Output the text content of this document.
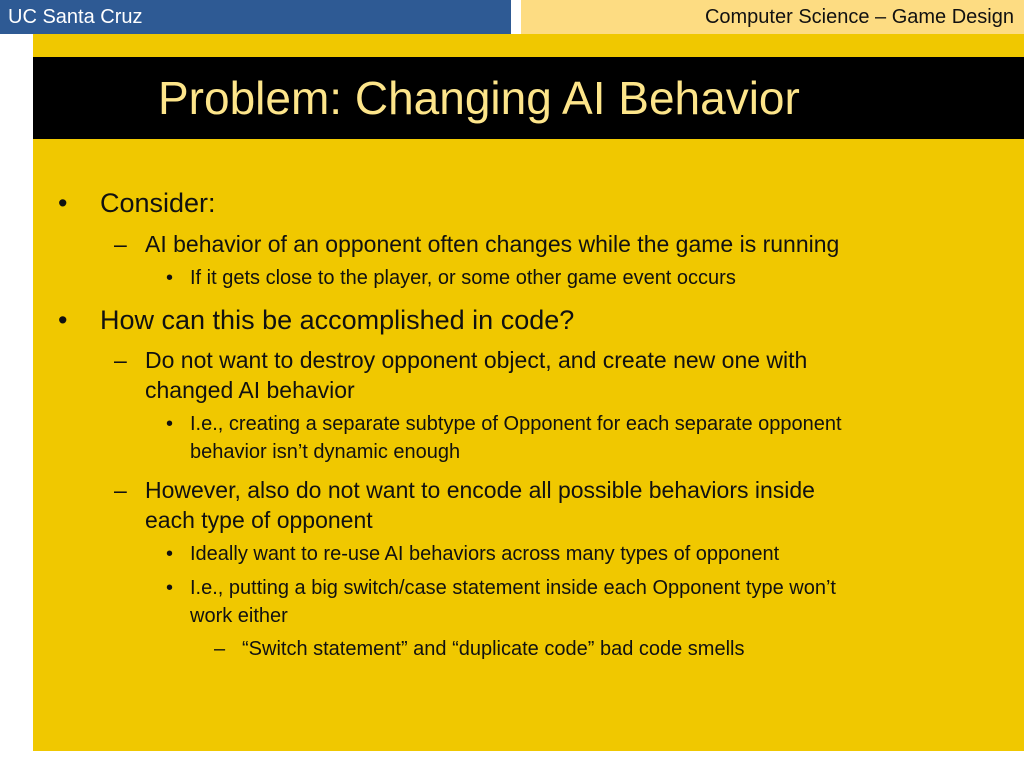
UC Santa Cruz	Computer Science – Game Design
Problem: Changing AI Behavior
• Consider:
– AI behavior of an opponent often changes while the game is running
• If it gets close to the player, or some other game event occurs
• How can this be accomplished in code?
– Do not want to destroy opponent object, and create new one with
changed AI behavior
• I.e., creating a separate subtype of Opponent for each separate opponent
behavior isn’t dynamic enough
– However, also do not want to encode all possible behaviors inside
each type of opponent
• Ideally want to re-use AI behaviors across many types of opponent
• I.e., putting a big switch/case statement inside each Opponent type won’t
work either
– “Switch statement” and “duplicate code” bad code smells
